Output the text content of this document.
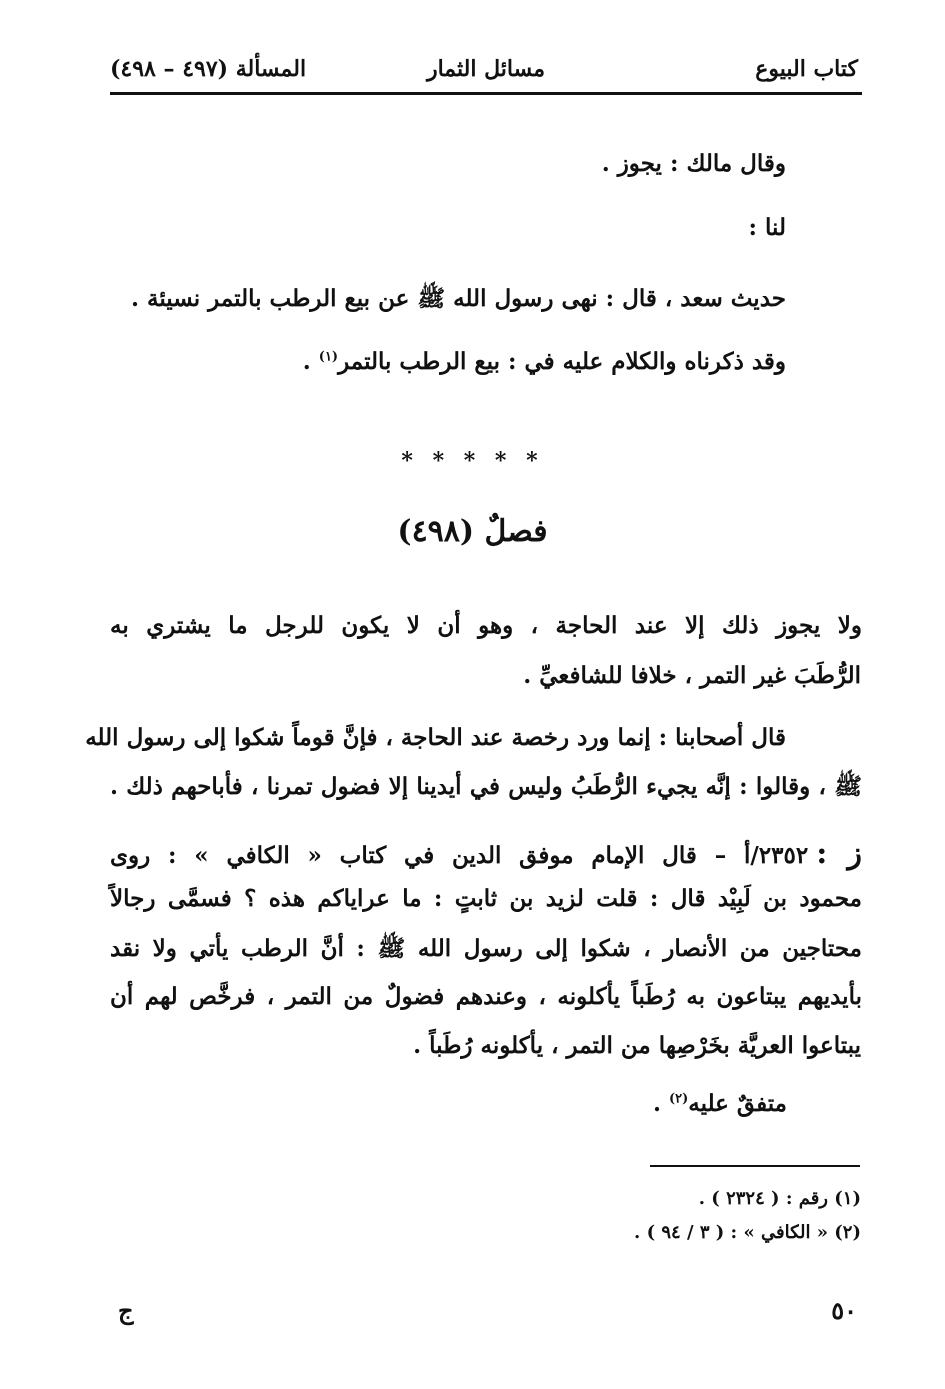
كتاب البيوع
مسائل الثمار
المسألة (٤٩٧ – ٤٩٨)
وقال مالك : يجوز .
لنا :
حديث سعد ، قال : نهى رسول الله ﷺ عن بيع الرطب بالتمر نسيئة .
وقد ذكرناه والكلام عليه في : بيع الرطب بالتمر$^{(١)}$ .
* * * * *
فصلٌ (٤٩٨)
ولا يجوز ذلك إلا عند الحاجة ، وهو أن لا يكون للرجل ما يشتري به
الرُّطَبَ غير التمر ، خلافا للشافعيِّ .
قال أصحابنا : إنما ورد رخصة عند الحاجة ، فإنَّ قوماً شكوا إلى رسول الله
ﷺ ، وقالوا : إنَّه يجيء الرُّطَبُ وليس في أيدينا إلا فضول تمرنا ، فأباحهم ذلك .
ز :٢٣٥٢/أ – قال الإمام موفق الدين في كتاب « الكافي » : روى
محمود بن لَبِيْد قال : قلت لزيد بن ثابتٍ : ما عراياكم هذه ؟ فسمَّى رجالاً
محتاجين من الأنصار ، شكوا إلى رسول الله ﷺ : أنَّ الرطب يأتي ولا نقد
بأيديهم يبتاعون به رُطَباً يأكلونه ، وعندهم فضولٌ من التمر ، فرخَّص لهم أن
يبتاعوا العريَّة بخَرْصِها من التمر ، يأكلونه رُطَباً .
متفقٌ عليه$^{(٢)}$ .
(١) رقم : ( ٢٣٢٤ ) .
(٢) « الكافي » : ( ٣ / ٩٤ ) .
٥٠
ج
